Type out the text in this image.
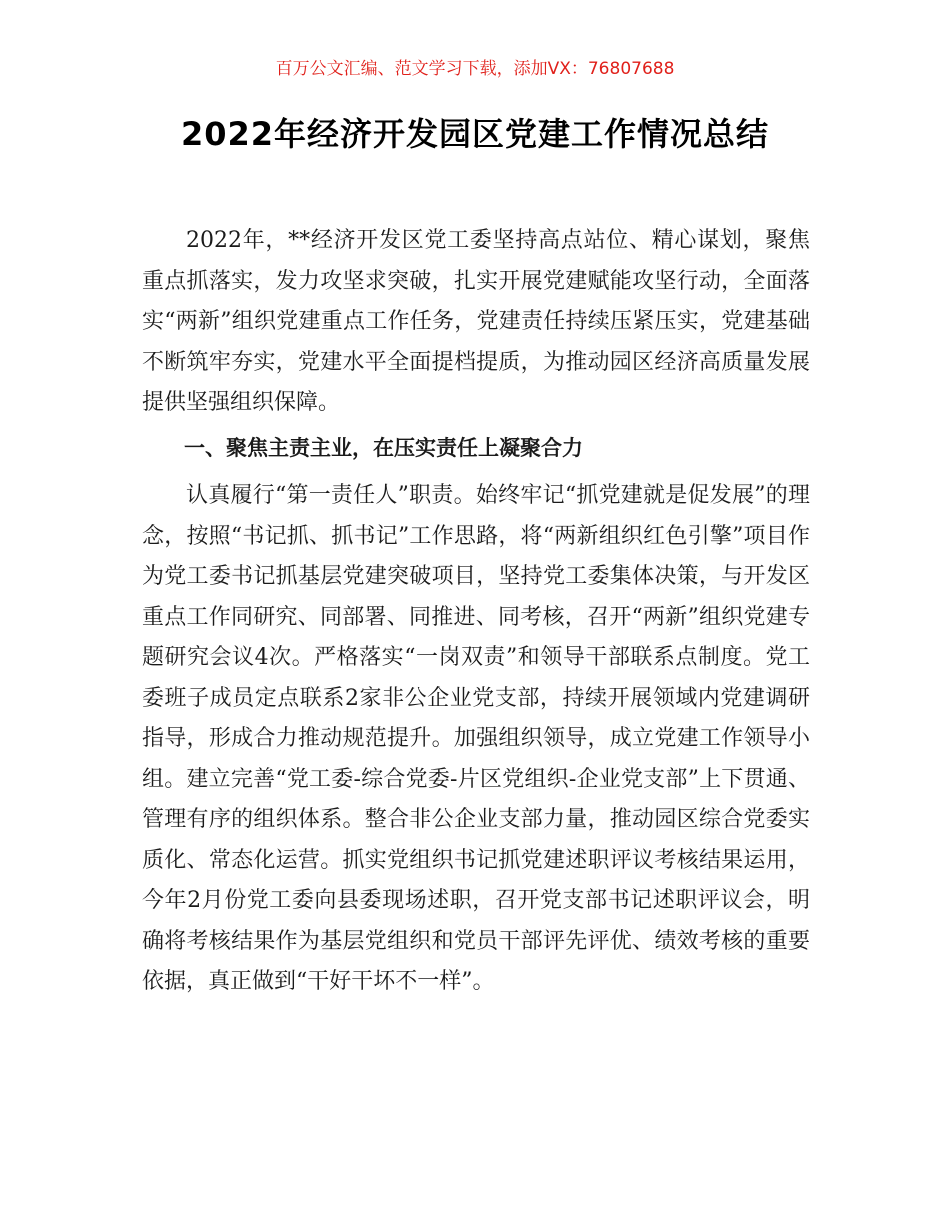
百万公文汇编、范文学习下载，添加VX：76807688
2022年经济开发园区党建工作情况总结

2022年，**经济开发区党工委坚持高点站位、精心谋划，聚焦重点抓落实，发力攻坚求突破，扎实开展党建赋能攻坚行动，全面落实“两新”组织党建重点工作任务，党建责任持续压紧压实，党建基础不断筑牢夯实，党建水平全面提档提质，为推动园区经济高质量发展提供坚强组织保障。

一、聚焦主责主业，在压实责任上凝聚合力

认真履行“第一责任人”职责。始终牢记“抓党建就是促发展”的理念，按照“书记抓、抓书记”工作思路，将“两新组织红色引擎”项目作为党工委书记抓基层党建突破项目，坚持党工委集体决策，与开发区重点工作同研究、同部署、同推进、同考核，召开“两新”组织党建专题研究会议4次。严格落实“一岗双责”和领导干部联系点制度。党工委班子成员定点联系2家非公企业党支部，持续开展领域内党建调研指导，形成合力推动规范提升。加强组织领导，成立党建工作领导小组。建立完善“党工委-综合党委-片区党组织-企业党支部”上下贯通、管理有序的组织体系。整合非公企业支部力量，推动园区综合党委实质化、常态化运营。抓实党组织书记抓党建述职评议考核结果运用，今年2月份党工委向县委现场述职，召开党支部书记述职评议会，明确将考核结果作为基层党组织和党员干部评先评优、绩效考核的重要依据，真正做到“干好干坏不一样”。
